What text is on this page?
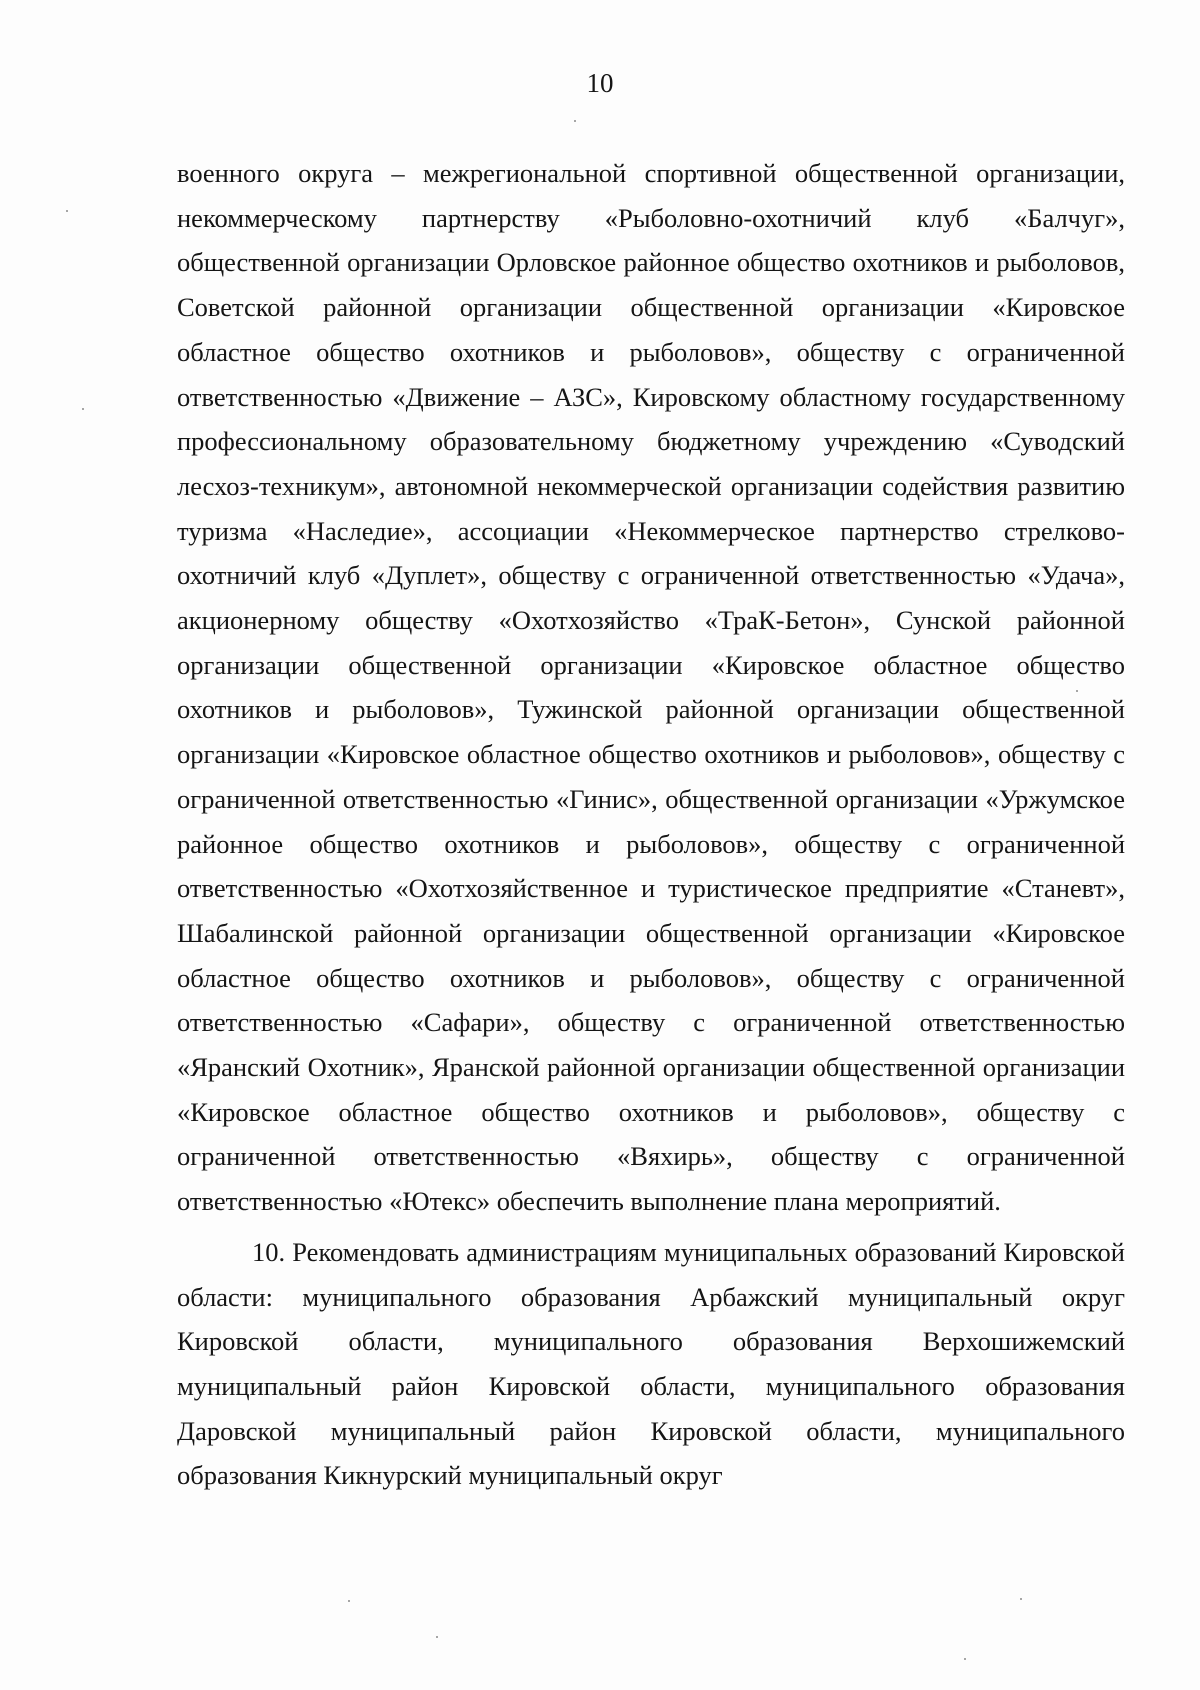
10

военного округа – межрегиональной спортивной общественной организации, некоммерческому партнерству «Рыболовно-охотничий клуб «Балчуг», общественной организации Орловское районное общество охотников и рыболовов, Советской районной организации общественной организации «Кировское областное общество охотников и рыболовов», обществу с ограниченной ответственностью «Движение – АЗС», Кировскому областному государственному профессиональному образовательному бюджетному учреждению «Суводский лесхоз-техникум», автономной некоммерческой организации содействия развитию туризма «Наследие», ассоциации «Некоммерческое партнерство стрелково-охотничий клуб «Дуплет», обществу с ограниченной ответственностью «Удача», акционерному обществу «Охотхозяйство «ТраК-Бетон», Сунской районной организации общественной организации «Кировское областное общество охотников и рыболовов», Тужинской районной организации общественной организации «Кировское областное общество охотников и рыболовов», обществу с ограниченной ответственностью «Гинис», общественной организации «Уржумское районное общество охотников и рыболовов», обществу с ограниченной ответственностью «Охотхозяйственное и туристическое предприятие «Станевт», Шабалинской районной организации общественной организации «Кировское областное общество охотников и рыболовов», обществу с ограниченной ответственностью «Сафари», обществу с ограниченной ответственностью «Яранский Охотник», Яранской районной организации общественной организации «Кировское областное общество охотников и рыболовов», обществу с ограниченной ответственностью «Вяхирь», обществу с ограниченной ответственностью «Ютекс» обеспечить выполнение плана мероприятий.

10. Рекомендовать администрациям муниципальных образований Кировской области: муниципального образования Арбажский муниципальный округ Кировской области, муниципального образования Верхошижемский муниципальный район Кировской области, муниципального образования Даровской муниципальный район Кировской области, муниципального образования Кикнурский муниципальный округ
